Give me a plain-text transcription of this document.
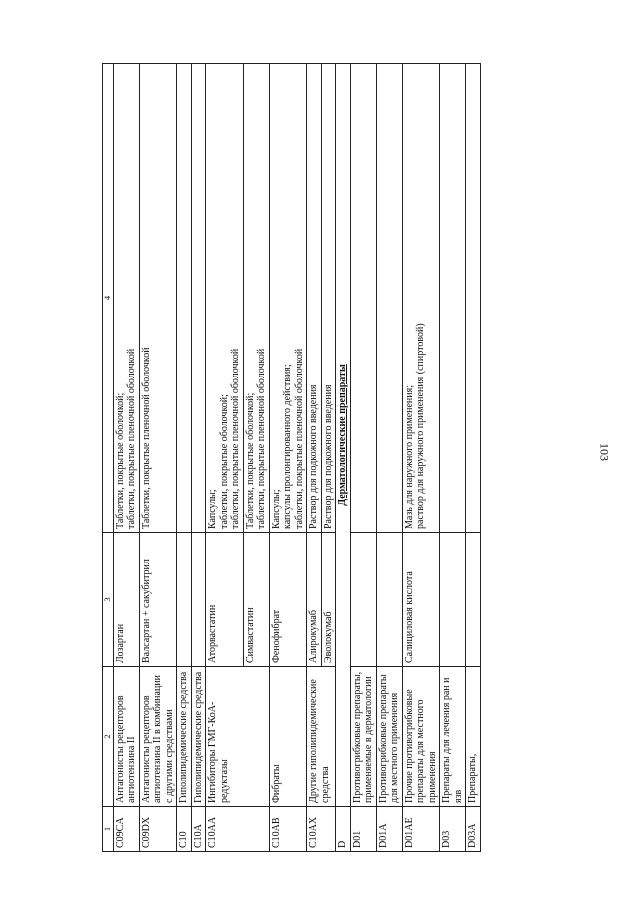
103
1	2	3	4
C09CA	Антагонисты рецепторов ангиотензина II	Лозартан	Таблетки, покрытые оболочкой; таблетки, покрытые пленочной оболочкой

C09DX	Антагонисты рецепторов ангиотензина II в комбинации с другими средствами	Валсартан + сакубитрил	Таблетки, покрытые пленочной оболочкой

C10	Гиполипидемические средства		
C10A	Гиполипидемические средства		
C10AA	Ингибиторы ГМГ-КоА-редуктазы	Аторвастатин	Капсулы; таблетки, покрытые оболочкой; таблетки, покрытые пленочной оболочкой

		Симвастатин	Таблетки, покрытые оболочкой; таблетки, покрытые пленочной оболочкой

C10AB	Фибраты	Фенофибрат	Капсулы; капсулы пролонгированного действия; таблетки, покрытые пленочной оболочкой

C10AX	Другие гиполипидемические средства	Алирокумаб	Раствор для подкожного введения

		Эволокумаб	Раствор для подкожного введения

D	Дерматологические препараты		
D01	Противогрибковые препараты, применяемые в дерматологии		
D01A	Противогрибковые препараты для местного применения		
D01AE	Прочие противогрибковые препараты для местного применения	Салициловая кислота	Мазь для наружного применения; раствор для наружного применения (спиртовой)

D03	Препараты для лечения ран и язв		
D03A	Препараты,		
